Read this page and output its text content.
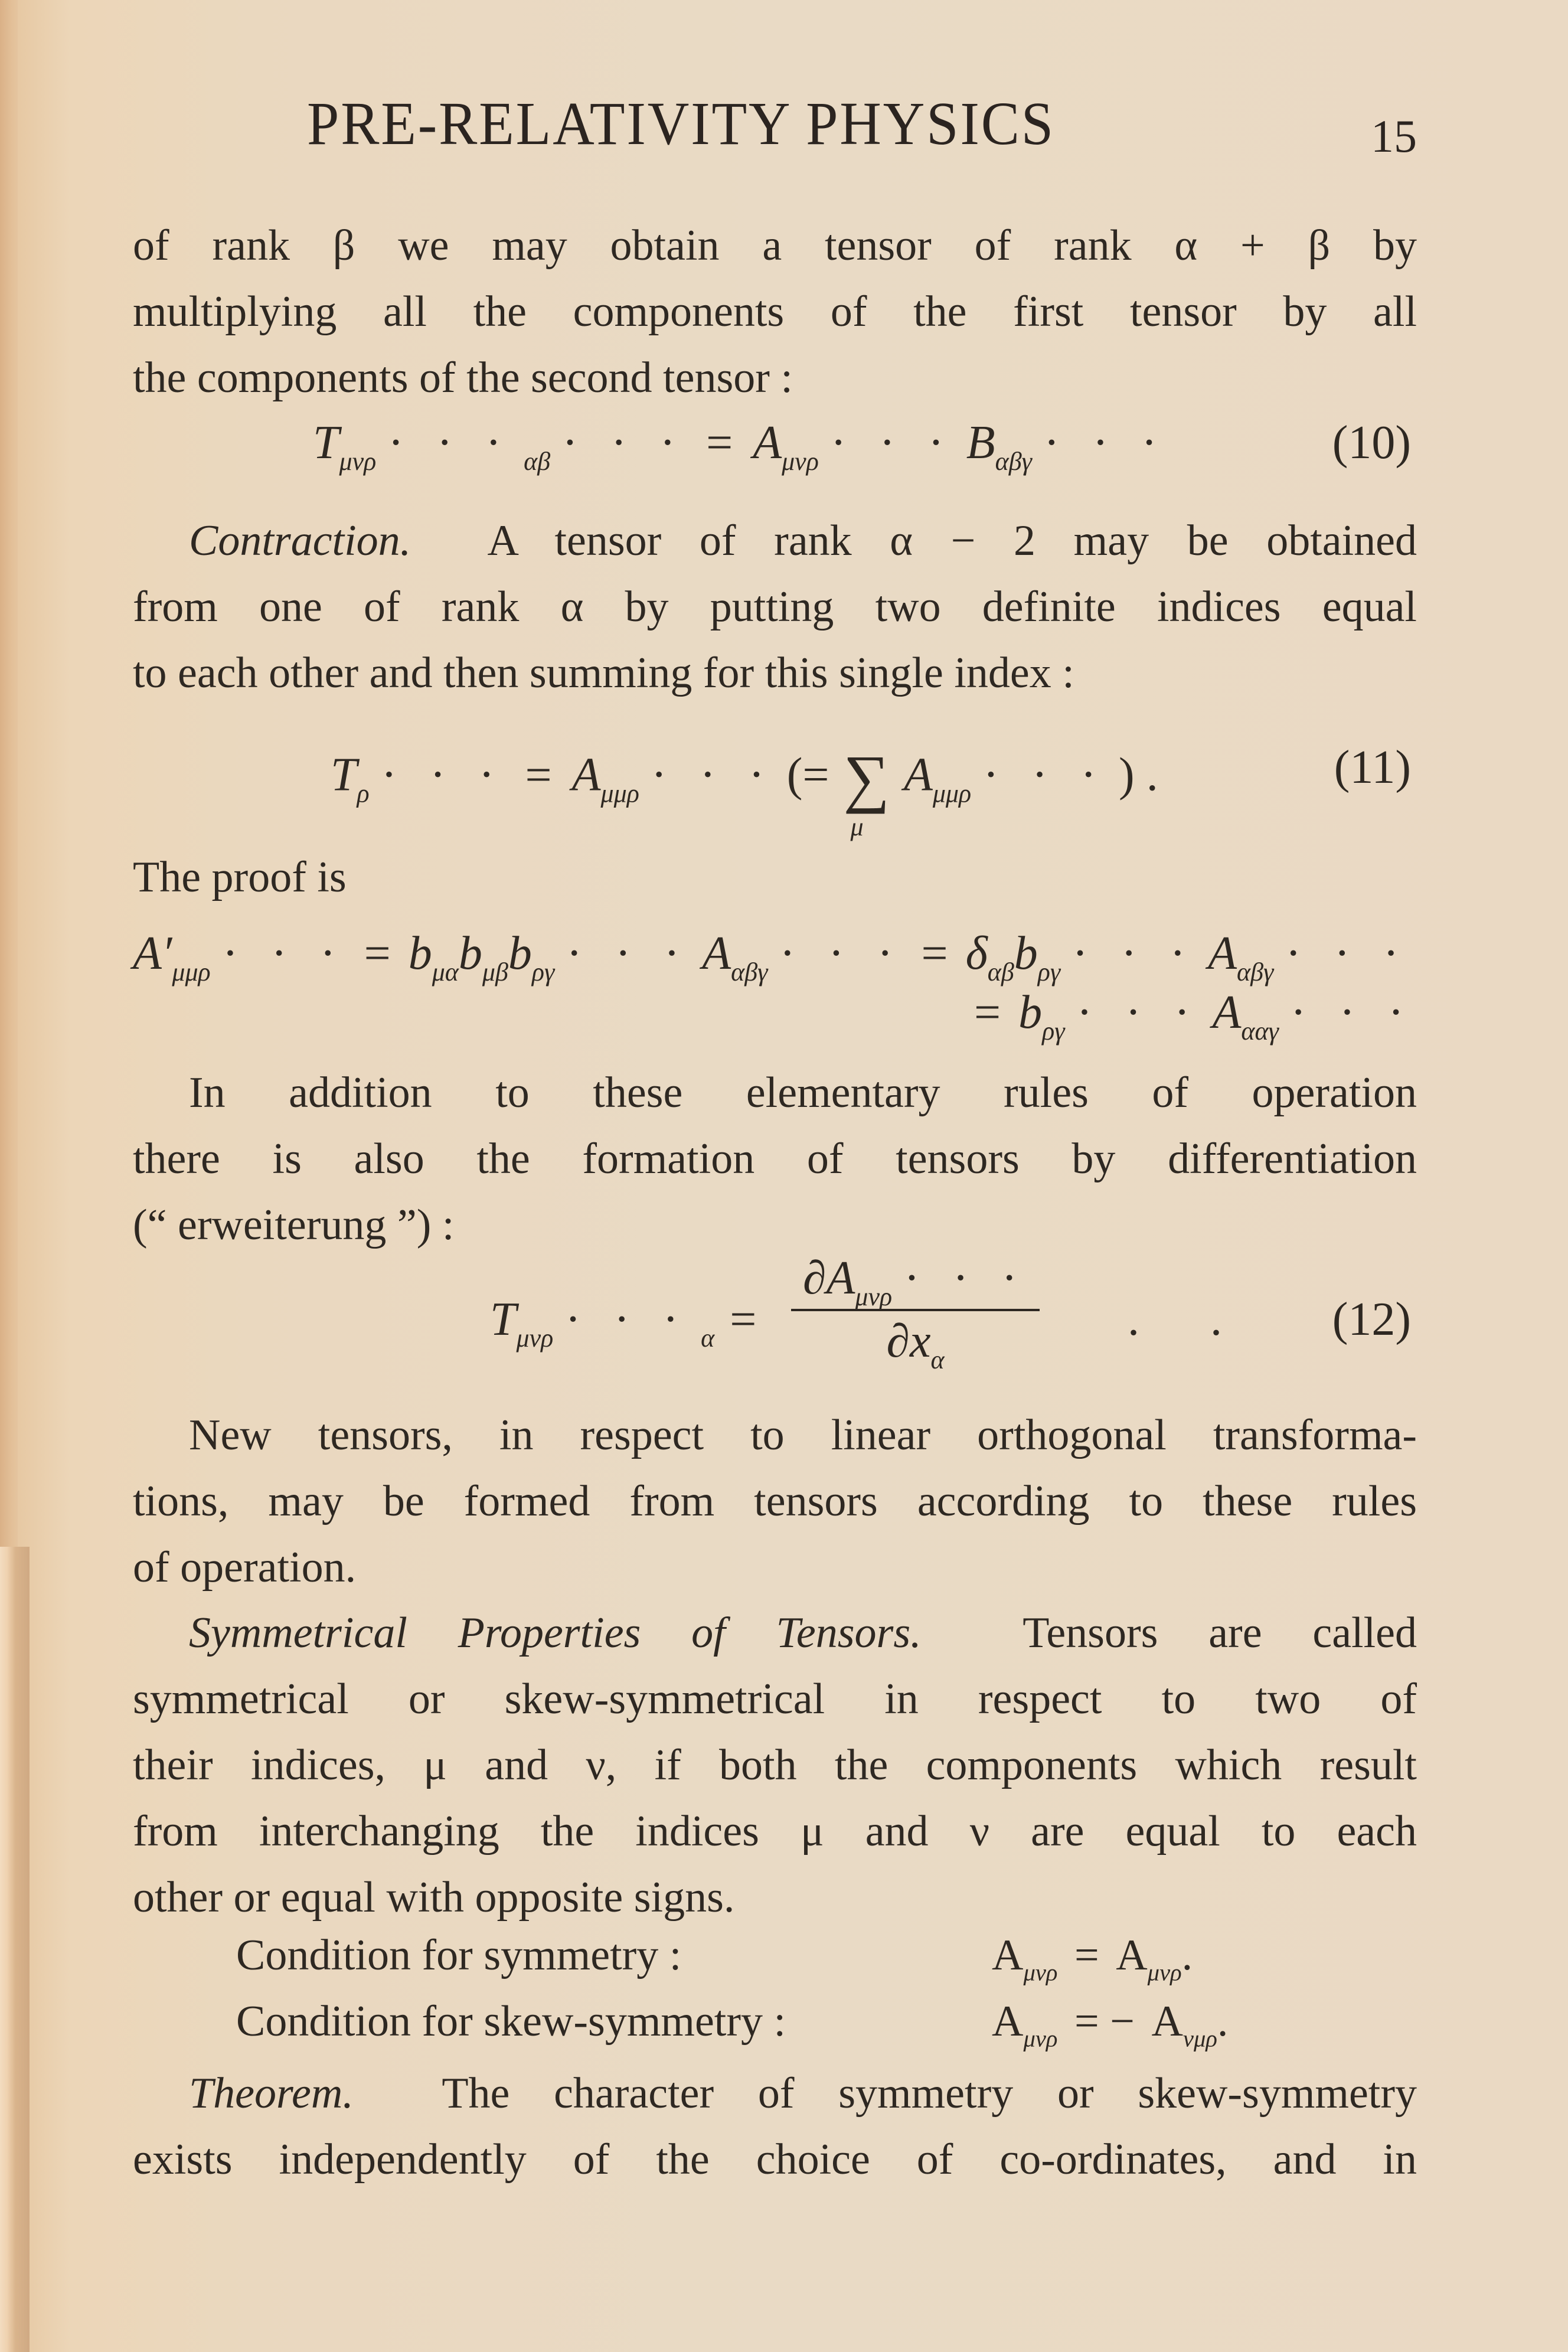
PRE-RELATIVITY PHYSICS	15
of rank β we may obtain a tensor of rank α + β by
multiplying all the components of the first tensor by all
the components of the second tensor :
$T_{\mu\nu\rho}$ · · · $_{\alpha\beta}$ · · · = $A_{\mu\nu\rho}$ · · · $B_{\alpha\beta\gamma}$ · · ·	(10)
Contraction. A tensor of rank α − 2 may be obtained
from one of rank α by putting two definite indices equal
to each other and then summing for this single index :
$T_\rho$ · · · = $A_{\mu\mu\rho}$ · · · (= ∑
μ
$A_{\mu\mu\rho}$ · · · ) .	(11)
The proof is
$A'_{\mu\mu\rho}$ · · · = $b_{\mu\alpha}b_{\mu\beta}b_{\rho\gamma}$ · · · $A_{\alpha\beta\gamma}$ · · · = $\delta_{\alpha\beta}b_{\rho\gamma}$ · · · $A_{\alpha\beta\gamma}$ · · ·
= $b_{\rho\gamma}$ · · · $A_{\alpha\alpha\gamma}$ · · ·
In addition to these elementary rules of operation
there is also the formation of tensors by differentiation
(“ erweiterung ”) :
$T_{\mu\nu\rho}$ · · · $_\alpha$ =
$\partial A_{\mu\nu\rho}$ · · ·
$\partial x_\alpha$
.      . (12)
New tensors, in respect to linear orthogonal transforma-
tions, may be formed from tensors according to these rules
of operation.
Symmetrical Properties of Tensors. Tensors are called
symmetrical or skew-symmetrical in respect to two of
their indices, μ and ν, if both the components which result
from interchanging the indices μ and ν are equal to each
other or equal with opposite signs.
Condition for symmetry :	$A_{\mu\nu\rho} = A_{\mu\nu\rho}$.
Condition for skew-symmetry :	$A_{\mu\nu\rho}$ = − $A_{\nu\mu\rho}$.
Theorem. The character of symmetry or skew-symmetry
exists independently of the choice of co-ordinates, and in
